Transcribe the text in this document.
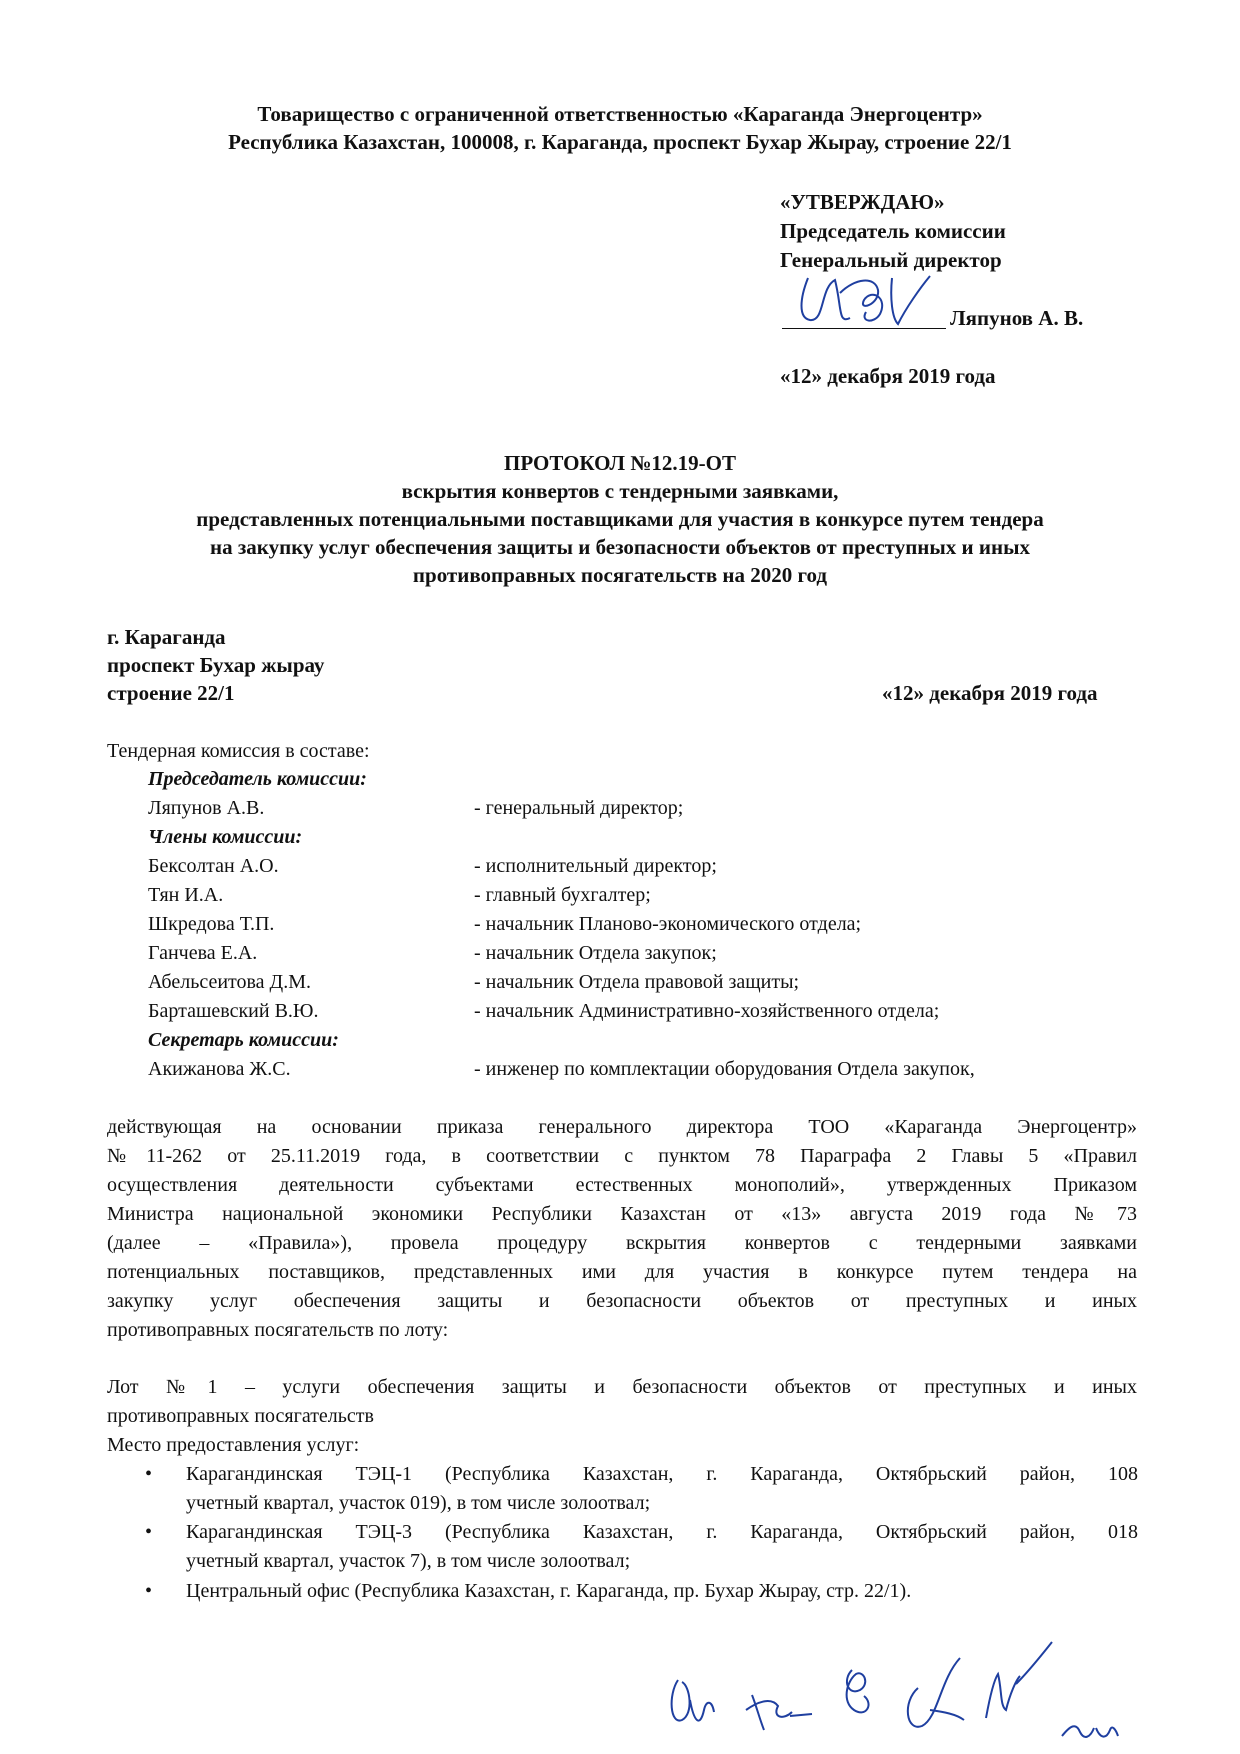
Товарищество с ограниченной ответственностью «Караганда Энергоцентр»
Республика Казахстан, 100008, г. Караганда, проспект Бухар Жырау, строение 22/1
«УТВЕРЖДАЮ»
Председатель комиссии
Генеральный директор
Ляпунов А. В.
«12» декабря 2019 года
ПРОТОКОЛ №12.19-ОТ
вскрытия конвертов с тендерными заявками,
представленных потенциальными поставщиками для участия в конкурсе путем тендера
на закупку услуг обеспечения защиты и безопасности объектов от преступных и иных
противоправных посягательств на 2020 год
г. Караганда
проспект Бухар жырау
строение 22/1	«12» декабря 2019 года
Тендерная комиссия в составе:
Председатель комиссии:
Ляпунов А.В.	- генеральный директор;
Члены комиссии:
Бексолтан А.О.	- исполнительный директор;
Тян И.А.	- главный бухгалтер;
Шкредова Т.П.	- начальник Планово-экономического отдела;
Ганчева Е.А.	- начальник Отдела закупок;
Абельсеитова Д.М.	- начальник Отдела правовой защиты;
Барташевский В.Ю.	- начальник Административно-хозяйственного отдела;
Секретарь комиссии:
Акижанова Ж.С.	- инженер по комплектации оборудования Отдела закупок,
действующая на основании приказа генерального директора ТОО «Караганда Энергоцентр»
№11-262 от 25.11.2019 года, в соответствии с пунктом 78 Параграфа 2 Главы 5 «Правил
осуществления деятельности субъектами естественных монополий», утвержденных Приказом
Министра национальной экономики Республики Казахстан от «13» августа 2019 года №73
(далее – «Правила»), провела процедуру вскрытия конвертов с тендерными заявками
потенциальных поставщиков, представленных ими для участия в конкурсе путем тендера на
закупку услуг обеспечения защиты и безопасности объектов от преступных и иных
противоправных посягательств по лоту:
Лот №1 – услуги обеспечения защиты и безопасности объектов от преступных и иных
противоправных посягательств
Место предоставления услуг:
• Карагандинская ТЭЦ-1 (Республика Казахстан, г. Караганда, Октябрьский район, 108
учетный квартал, участок 019), в том числе золоотвал;
• Карагандинская ТЭЦ-3 (Республика Казахстан, г. Караганда, Октябрьский район, 018
учетный квартал, участок 7), в том числе золоотвал;
• Центральный офис (Республика Казахстан, г. Караганда, пр. Бухар Жырау, стр. 22/1).
